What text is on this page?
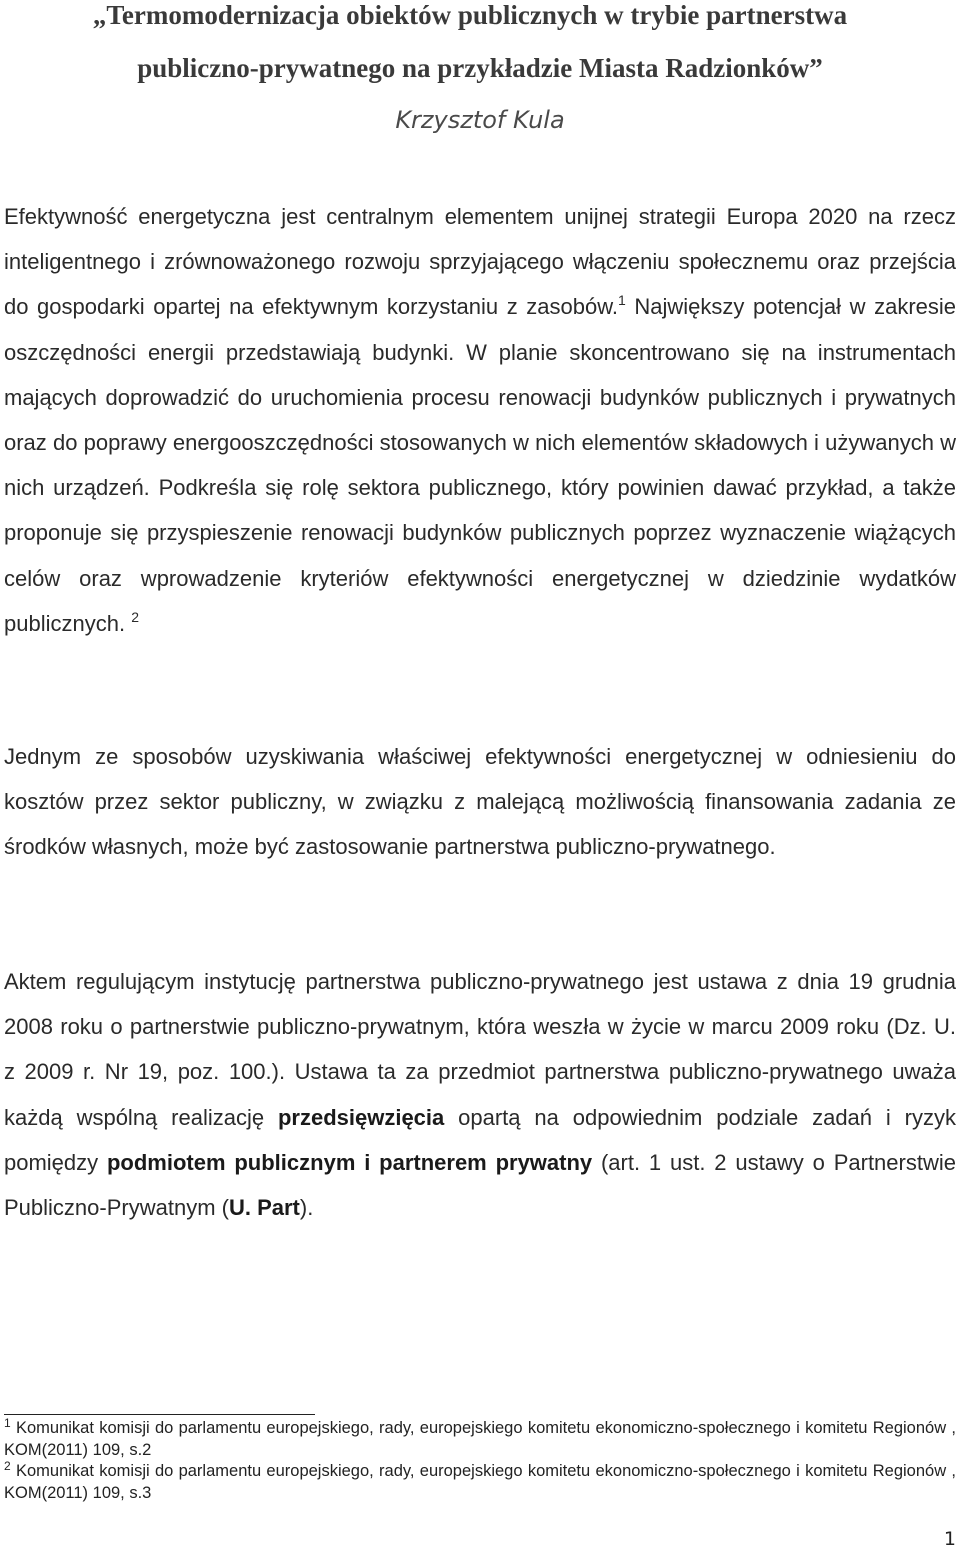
„Termomodernizacja obiektów publicznych w trybie partnerstwa
publiczno-prywatnego na przykładzie Miasta Radzionków”
Krzysztof Kula

Efektywność energetyczna jest centralnym elementem unijnej strategii Europa 2020 na rzecz inteligentnego i zrównoważonego rozwoju sprzyjającego włączeniu społecznemu oraz przejścia do gospodarki opartej na efektywnym korzystaniu z zasobów.$^1$ Największy potencjał w zakresie oszczędności energii przedstawiają budynki. W planie skoncentrowano się na instrumentach mających doprowadzić do uruchomienia procesu renowacji budynków publicznych i prywatnych oraz do poprawy energooszczędności stosowanych w nich elementów składowych i używanych w nich urządzeń. Podkreśla się rolę sektora publicznego, który powinien dawać przykład, a także proponuje się przyspieszenie renowacji budynków publicznych poprzez wyznaczenie wiążących celów oraz wprowadzenie kryteriów efektywności energetycznej w dziedzinie wydatków publicznych. $^2$

Jednym ze sposobów uzyskiwania właściwej efektywności energetycznej w odniesieniu do kosztów przez sektor publiczny, w związku z malejącą możliwością finansowania zadania ze środków własnych, może być zastosowanie partnerstwa publiczno-prywatnego.

Aktem regulującym instytucję partnerstwa publiczno-prywatnego jest ustawa z dnia 19 grudnia 2008 roku o partnerstwie publiczno-prywatnym, która weszła w życie w marcu 2009 roku (Dz. U. z 2009 r. Nr 19, poz. 100.). Ustawa ta za przedmiot partnerstwa publiczno-prywatnego uważa każdą wspólną realizację przedsięwzięcia opartą na odpowiednim podziale zadań i ryzyk pomiędzy podmiotem publicznym i partnerem prywatny (art. 1 ust. 2 ustawy o Partnerstwie Publiczno-Prywatnym (U. Part).

$^1$ Komunikat komisji do parlamentu europejskiego, rady, europejskiego komitetu ekonomiczno-społecznego i komitetu Regionów , KOM(2011) 109, s.2

$^2$ Komunikat komisji do parlamentu europejskiego, rady, europejskiego komitetu ekonomiczno-społecznego i komitetu Regionów , KOM(2011) 109, s.3

1
